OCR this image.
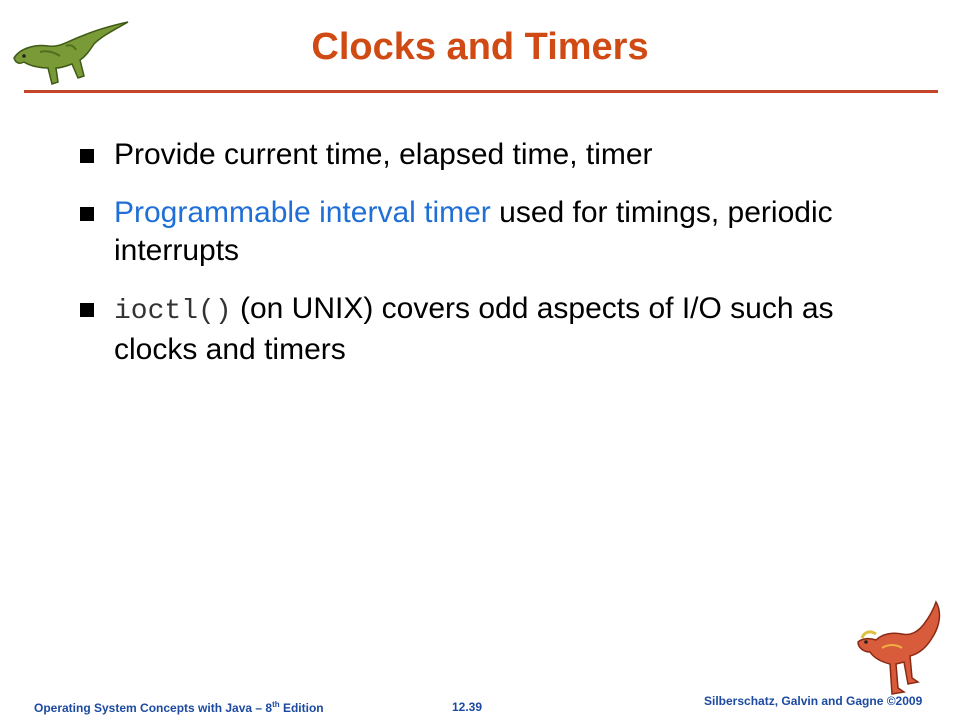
Clocks and Timers
Provide current time, elapsed time, timer
Programmable interval timer used for timings, periodic interrupts
ioctl() (on UNIX) covers odd aspects of I/O such as clocks and timers
Operating System Concepts with Java – 8th Edition	12.39	Silberschatz, Galvin and Gagne ©2009
